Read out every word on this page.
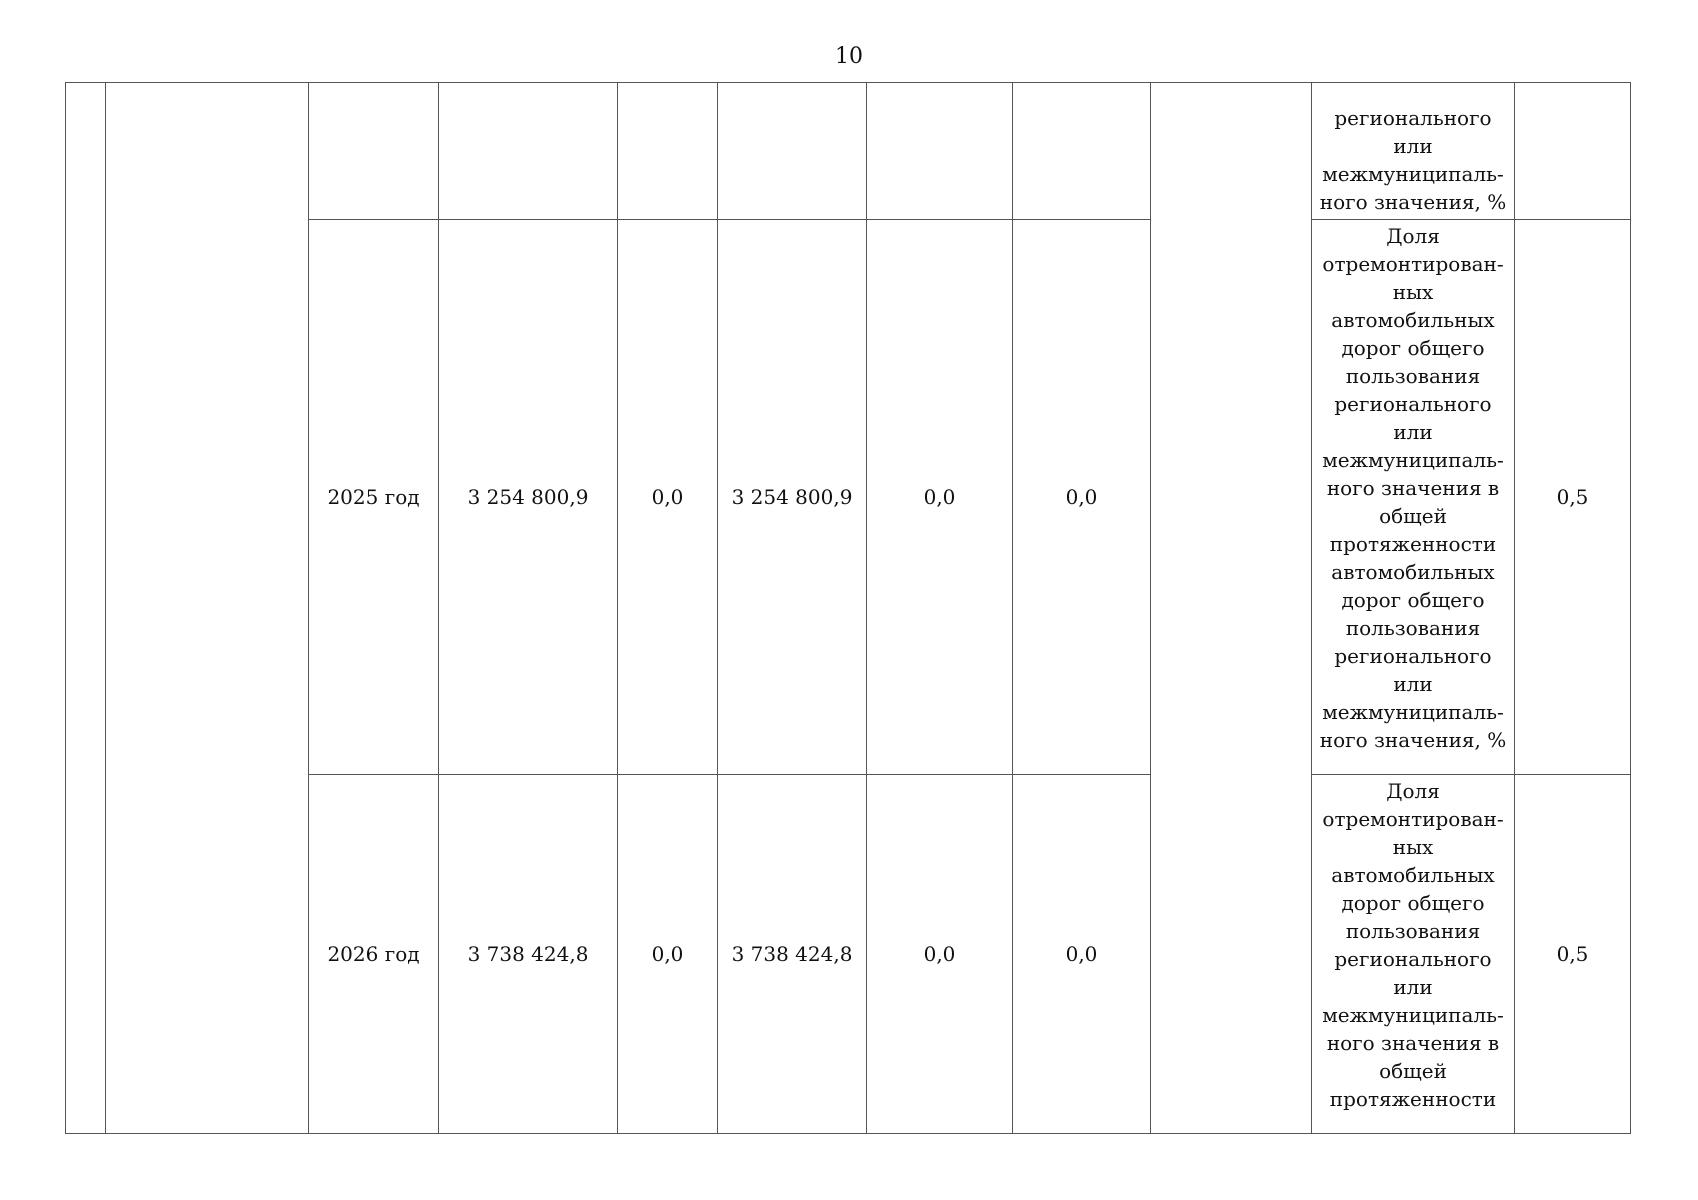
10

									регионального или межмуниципаль-ного значения, %	

		2025 год	3 254 800,9	0,0	3 254 800,9	0,0	0,0		Доля отремонтирован-ных автомобильных дорог общего пользования регионального или межмуниципаль-ного значения в общей протяженности автомобильных дорог общего пользования регионального или межмуниципаль-ного значения, %	0,5
		2026 год	3 738 424,8	0,0	3 738 424,8	0,0	0,0		Доля отремонтирован-ных автомобильных дорог общего пользования регионального или межмуниципаль-ного значения в общей протяженности	0,5
